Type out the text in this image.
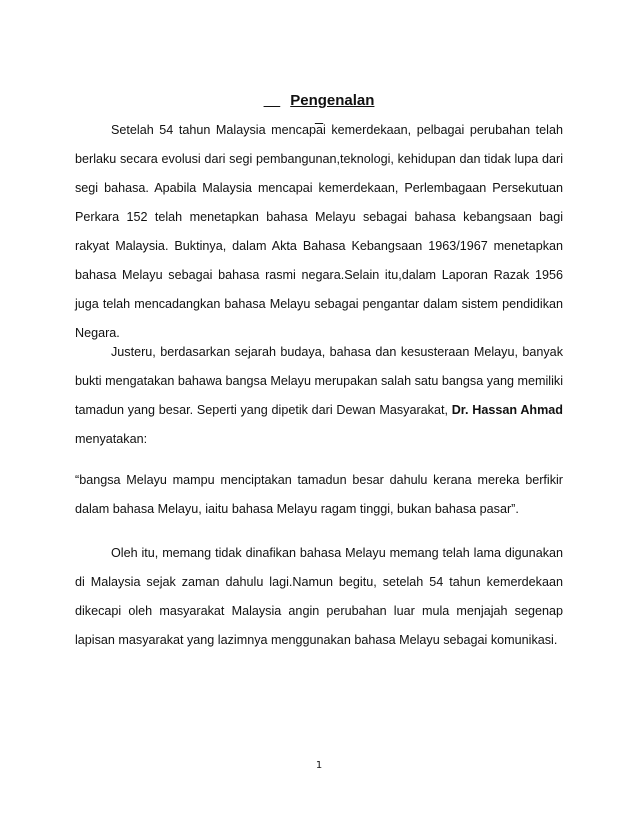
Pengenalan

Setelah 54 tahun Malaysia mencapai kemerdekaan, pelbagai perubahan telah berlaku secara evolusi dari segi pembangunan,teknologi, kehidupan dan tidak lupa dari segi bahasa. Apabila Malaysia mencapai kemerdekaan, Perlembagaan Persekutuan Perkara 152 telah menetapkan bahasa Melayu sebagai bahasa kebangsaan bagi rakyat Malaysia. Buktinya, dalam Akta Bahasa Kebangsaan 1963/1967 menetapkan bahasa Melayu sebagai bahasa rasmi negara.Selain itu,dalam Laporan Razak 1956 juga telah mencadangkan bahasa Melayu sebagai pengantar dalam sistem pendidikan Negara.

Justeru, berdasarkan sejarah budaya, bahasa dan kesusteraan Melayu, banyak bukti mengatakan bahawa bangsa Melayu merupakan salah satu bangsa yang memiliki tamadun yang besar. Seperti yang dipetik dari Dewan Masyarakat, Dr. Hassan Ahmad menyatakan:

“bangsa Melayu mampu menciptakan tamadun besar dahulu kerana mereka berfikir dalam bahasa Melayu, iaitu bahasa Melayu ragam tinggi, bukan bahasa pasar”.

Oleh itu, memang tidak dinafikan bahasa Melayu memang telah lama digunakan di Malaysia sejak zaman dahulu lagi.Namun begitu, setelah 54 tahun kemerdekaan dikecapi oleh masyarakat Malaysia angin perubahan luar mula menjajah segenap lapisan masyarakat yang lazimnya menggunakan bahasa Melayu sebagai komunikasi.

1
